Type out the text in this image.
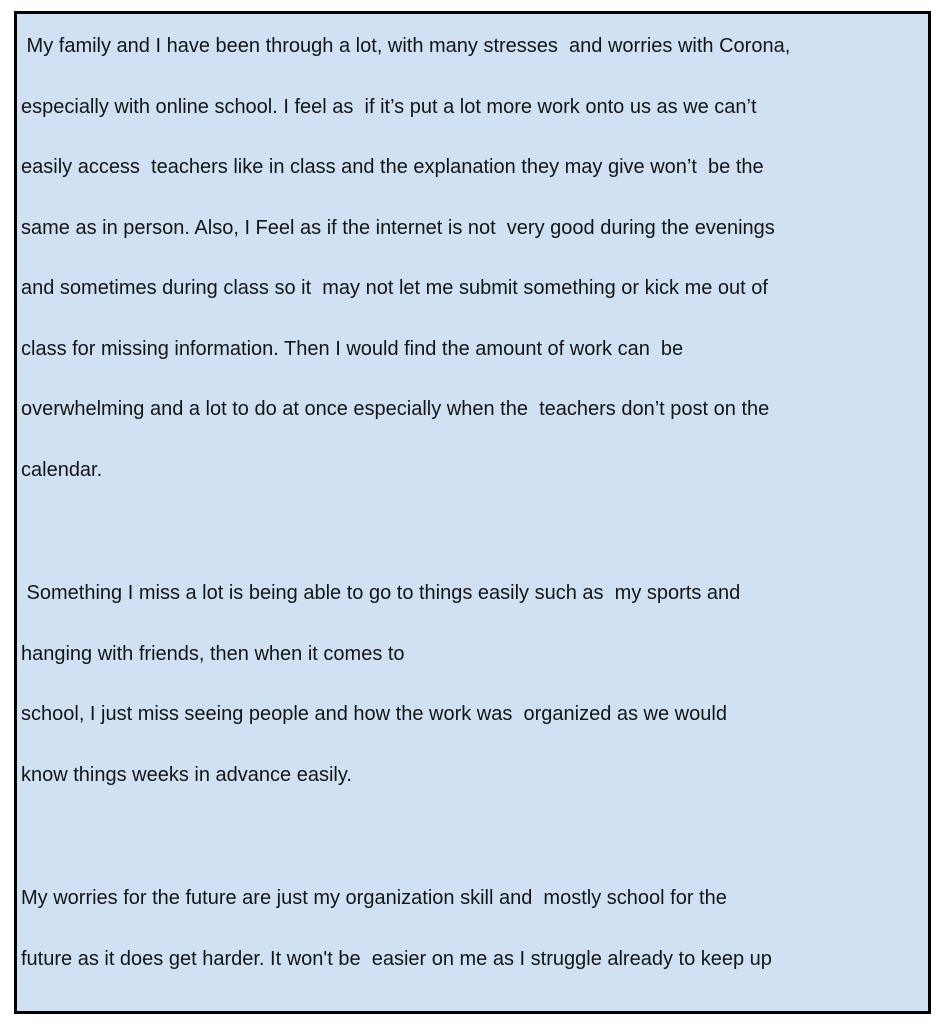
My family and I have been through a lot, with many stresses  and worries with Corona,
especially with online school. I feel as  if it’s put a lot more work onto us as we can’t
easily access  teachers like in class and the explanation they may give won’t  be the
same as in person. Also, I Feel as if the internet is not  very good during the evenings
and sometimes during class so it  may not let me submit something or kick me out of
class for missing information. Then I would find the amount of work can  be
overwhelming and a lot to do at once especially when the  teachers don’t post on the
calendar.
Something I miss a lot is being able to go to things easily such as  my sports and
hanging with friends, then when it comes to
school, I just miss seeing people and how the work was  organized as we would
know things weeks in advance easily.
My worries for the future are just my organization skill and  mostly school for the
future as it does get harder. It won't be  easier on me as I struggle already to keep up
